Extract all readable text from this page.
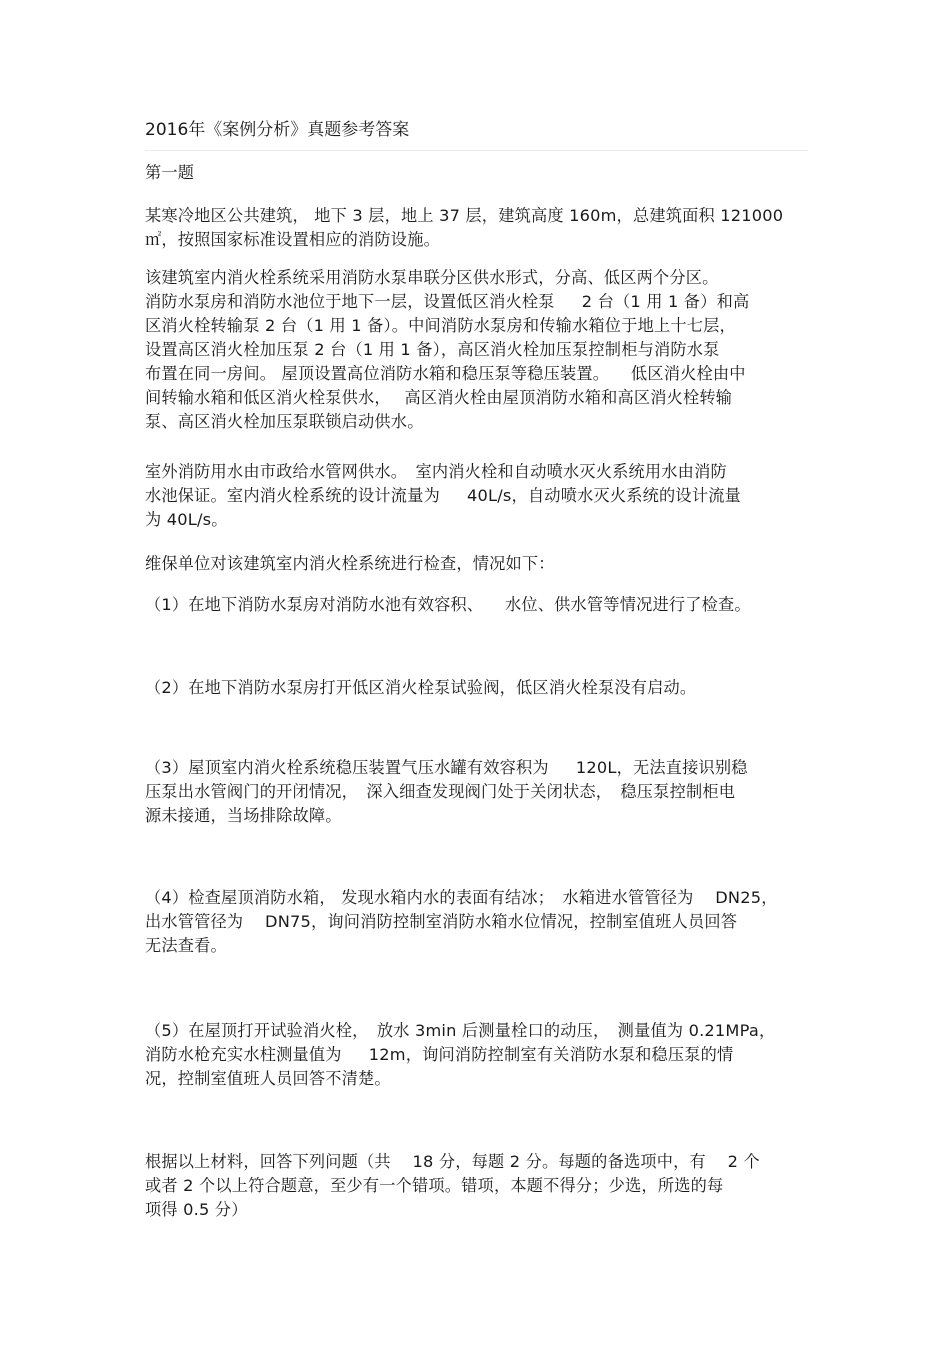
2016年《案例分析》真题参考答案
第一题
某寒冷地区公共建筑， 地下 3 层，地上 37 层，建筑高度 160m，总建筑面积 121000
㎡，按照国家标准设置相应的消防设施。
该建筑室内消火栓系统采用消防水泵串联分区供水形式，分高、低区两个分区。
消防水泵房和消防水池位于地下一层，设置低区消火栓泵 　 2 台（1 用 1 备）和高
区消火栓转输泵 2 台（1 用 1 备）。中间消防水泵房和传输水箱位于地上十七层，
设置高区消火栓加压泵 2 台（1 用 1 备），高区消火栓加压泵控制柜与消防水泵
布置在同一房间。 屋顶设置高位消防水箱和稳压泵等稳压装置。 　低区消火栓由中
间转输水箱和低区消火栓泵供水，　 高区消火栓由屋顶消防水箱和高区消火栓转输
泵、高区消火栓加压泵联锁启动供水。
室外消防用水由市政给水管网供水。　室内消火栓和自动喷水灭火系统用水由消防
水池保证。室内消火栓系统的设计流量为 　 40L/s，自动喷水灭火系统的设计流量
为 40L/s。
维保单位对该建筑室内消火栓系统进行检查，情况如下：
（1）在地下消防水泵房对消防水池有效容积、 　水位、供水管等情况进行了检查。
（2）在地下消防水泵房打开低区消火栓泵试验阀，低区消火栓泵没有启动。
（3）屋顶室内消火栓系统稳压装置气压水罐有效容积为 　 120L，无法直接识别稳
压泵出水管阀门的开闭情况，　深入细查发现阀门处于关闭状态，　稳压泵控制柜电
源未接通，当场排除故障。
（4）检查屋顶消防水箱， 发现水箱内水的表面有结冰；　水箱进水管管径为 　DN25，
出水管管径为 　DN75，询问消防控制室消防水箱水位情况，控制室值班人员回答
无法查看。
（5）在屋顶打开试验消火栓，　放水 3min 后测量栓口的动压，　测量值为 0.21MPa，
消防水枪充实水柱测量值为 　 12m，询问消防控制室有关消防水泵和稳压泵的情
况，控制室值班人员回答不清楚。
根据以上材料，回答下列问题（共 　18 分，每题 2 分。每题的备选项中，有 　2 个
或者 2 个以上符合题意，至少有一个错项。错项，本题不得分；少选，所选的每
项得 0.5 分）
